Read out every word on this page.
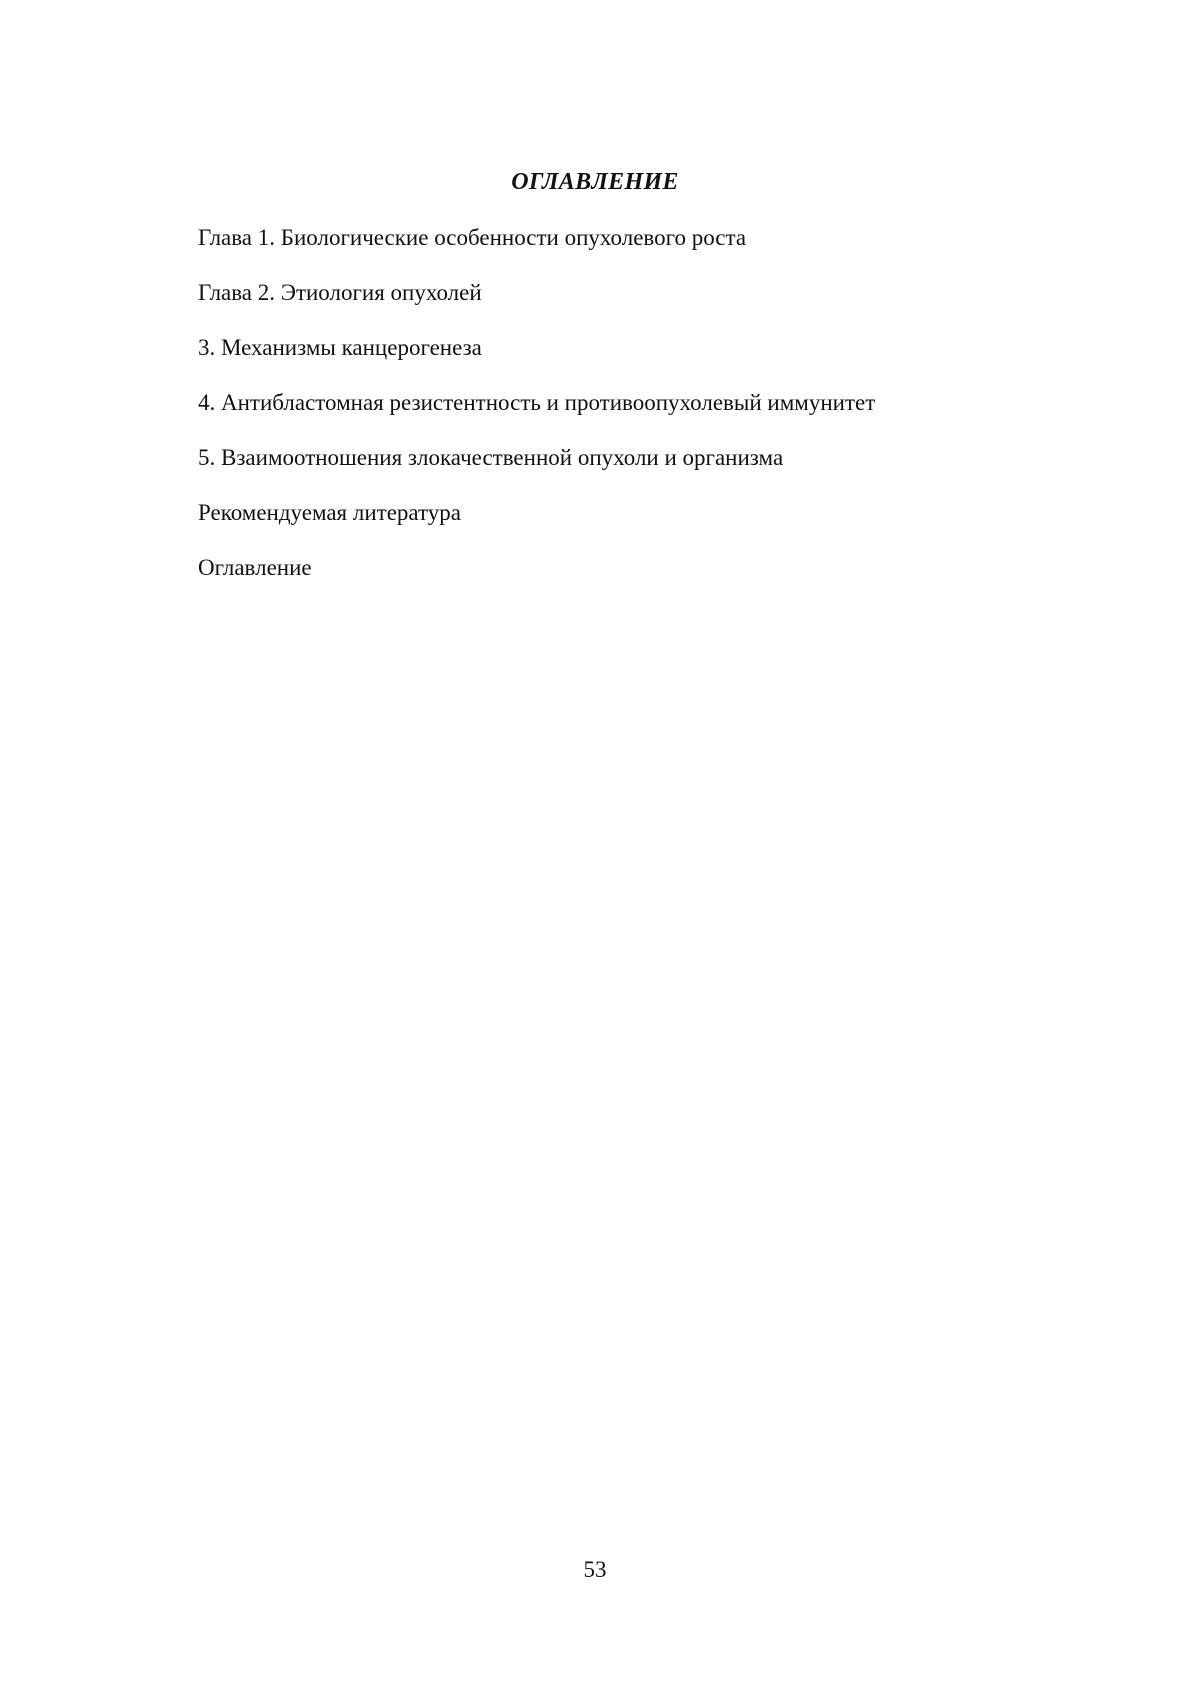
ОГЛАВЛЕНИЕ
Глава 1. Биологические особенности опухолевого роста
Глава 2. Этиология опухолей
3. Механизмы канцерогенеза
4. Антибластомная резистентность и противоопухолевый иммунитет
5. Взаимоотношения злокачественной опухоли и организма
Рекомендуемая литература
Оглавление
53
